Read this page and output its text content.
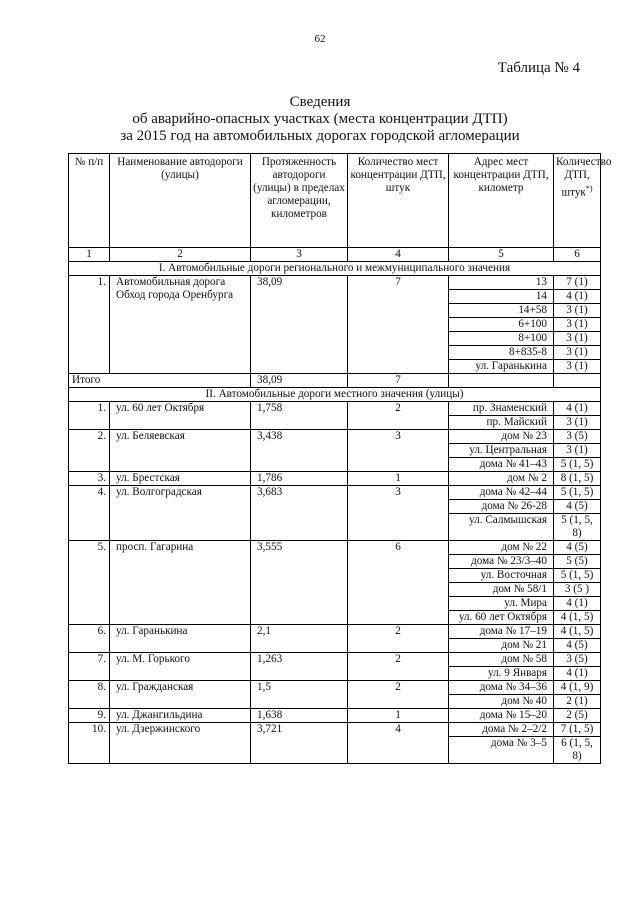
62
Таблица № 4
Сведения
об аварийно-опасных участках (места концентрации ДТП)
за 2015 год на автомобильных дорогах городской агломерации
№ п/п	Наименование автодороги (улицы)	Протяженность автодороги (улицы) в пределах агломерации, километров	Количество мест концентрации ДТП, штук	Адрес мест концентрации ДТП, километр	Количество ДТП, штук*)
1	2	3	4	5	6
I. Автомобильные дороги регионального и межмуниципального значения					
1.	Автомобильная дорога Обход города Оренбурга	38,09	7	13	7 (1)
				14	4 (1)
				14+58	3 (1)
				6+100	3 (1)
				8+100	3 (1)
				8+835-8	3 (1)
				ул. Гаранькина	3 (1)
Итого		38,09	7		
II. Автомобильные дороги местного значения (улицы)					
1.	ул. 60 лет Октября	1,758	2	пр. Знаменский	4 (1)
				пр. Майский	3 (1)
2.	ул. Беляевская	3,438	3	дом № 23	3 (5)
				ул. Центральная	3 (1)
				дома № 41–43	5 (1, 5)
3.	ул. Брестская	1,786	1	дом № 2	8 (1, 5)
4.	ул. Волгоградская	3,683	3	дома № 42–44	5 (1, 5)
				дома № 26-28	4 (5)
				ул. Салмышская	5 (1, 5, 8)
5.	просп. Гагарина	3,555	6	дом № 22	4 (5)
				дома № 23/3–40	5 (5)
				ул. Восточная	5 (1, 5)
				дом № 58/1	3 (5 )
				ул. Мира	4 (1)
				ул. 60 лет Октября	4 (1, 5)
6.	ул. Гаранькина	2,1	2	дома № 17–19	4 (1, 5)
				дом № 21	4 (5)
7.	ул. М. Горького	1,263	2	дом № 58	3 (5)
				ул. 9 Января	4 (1)
8.	ул. Гражданская	1,5	2	дома № 34–36	4 (1, 9)
				дом № 40	2 (1)
9.	ул. Джангильдина	1,638	1	дома № 15–20	2 (5)
10.	ул. Дзержинского	3,721	4	дома № 2–2/2	7 (1, 5)
				дома № 3–5	6 (1, 5, 8)
